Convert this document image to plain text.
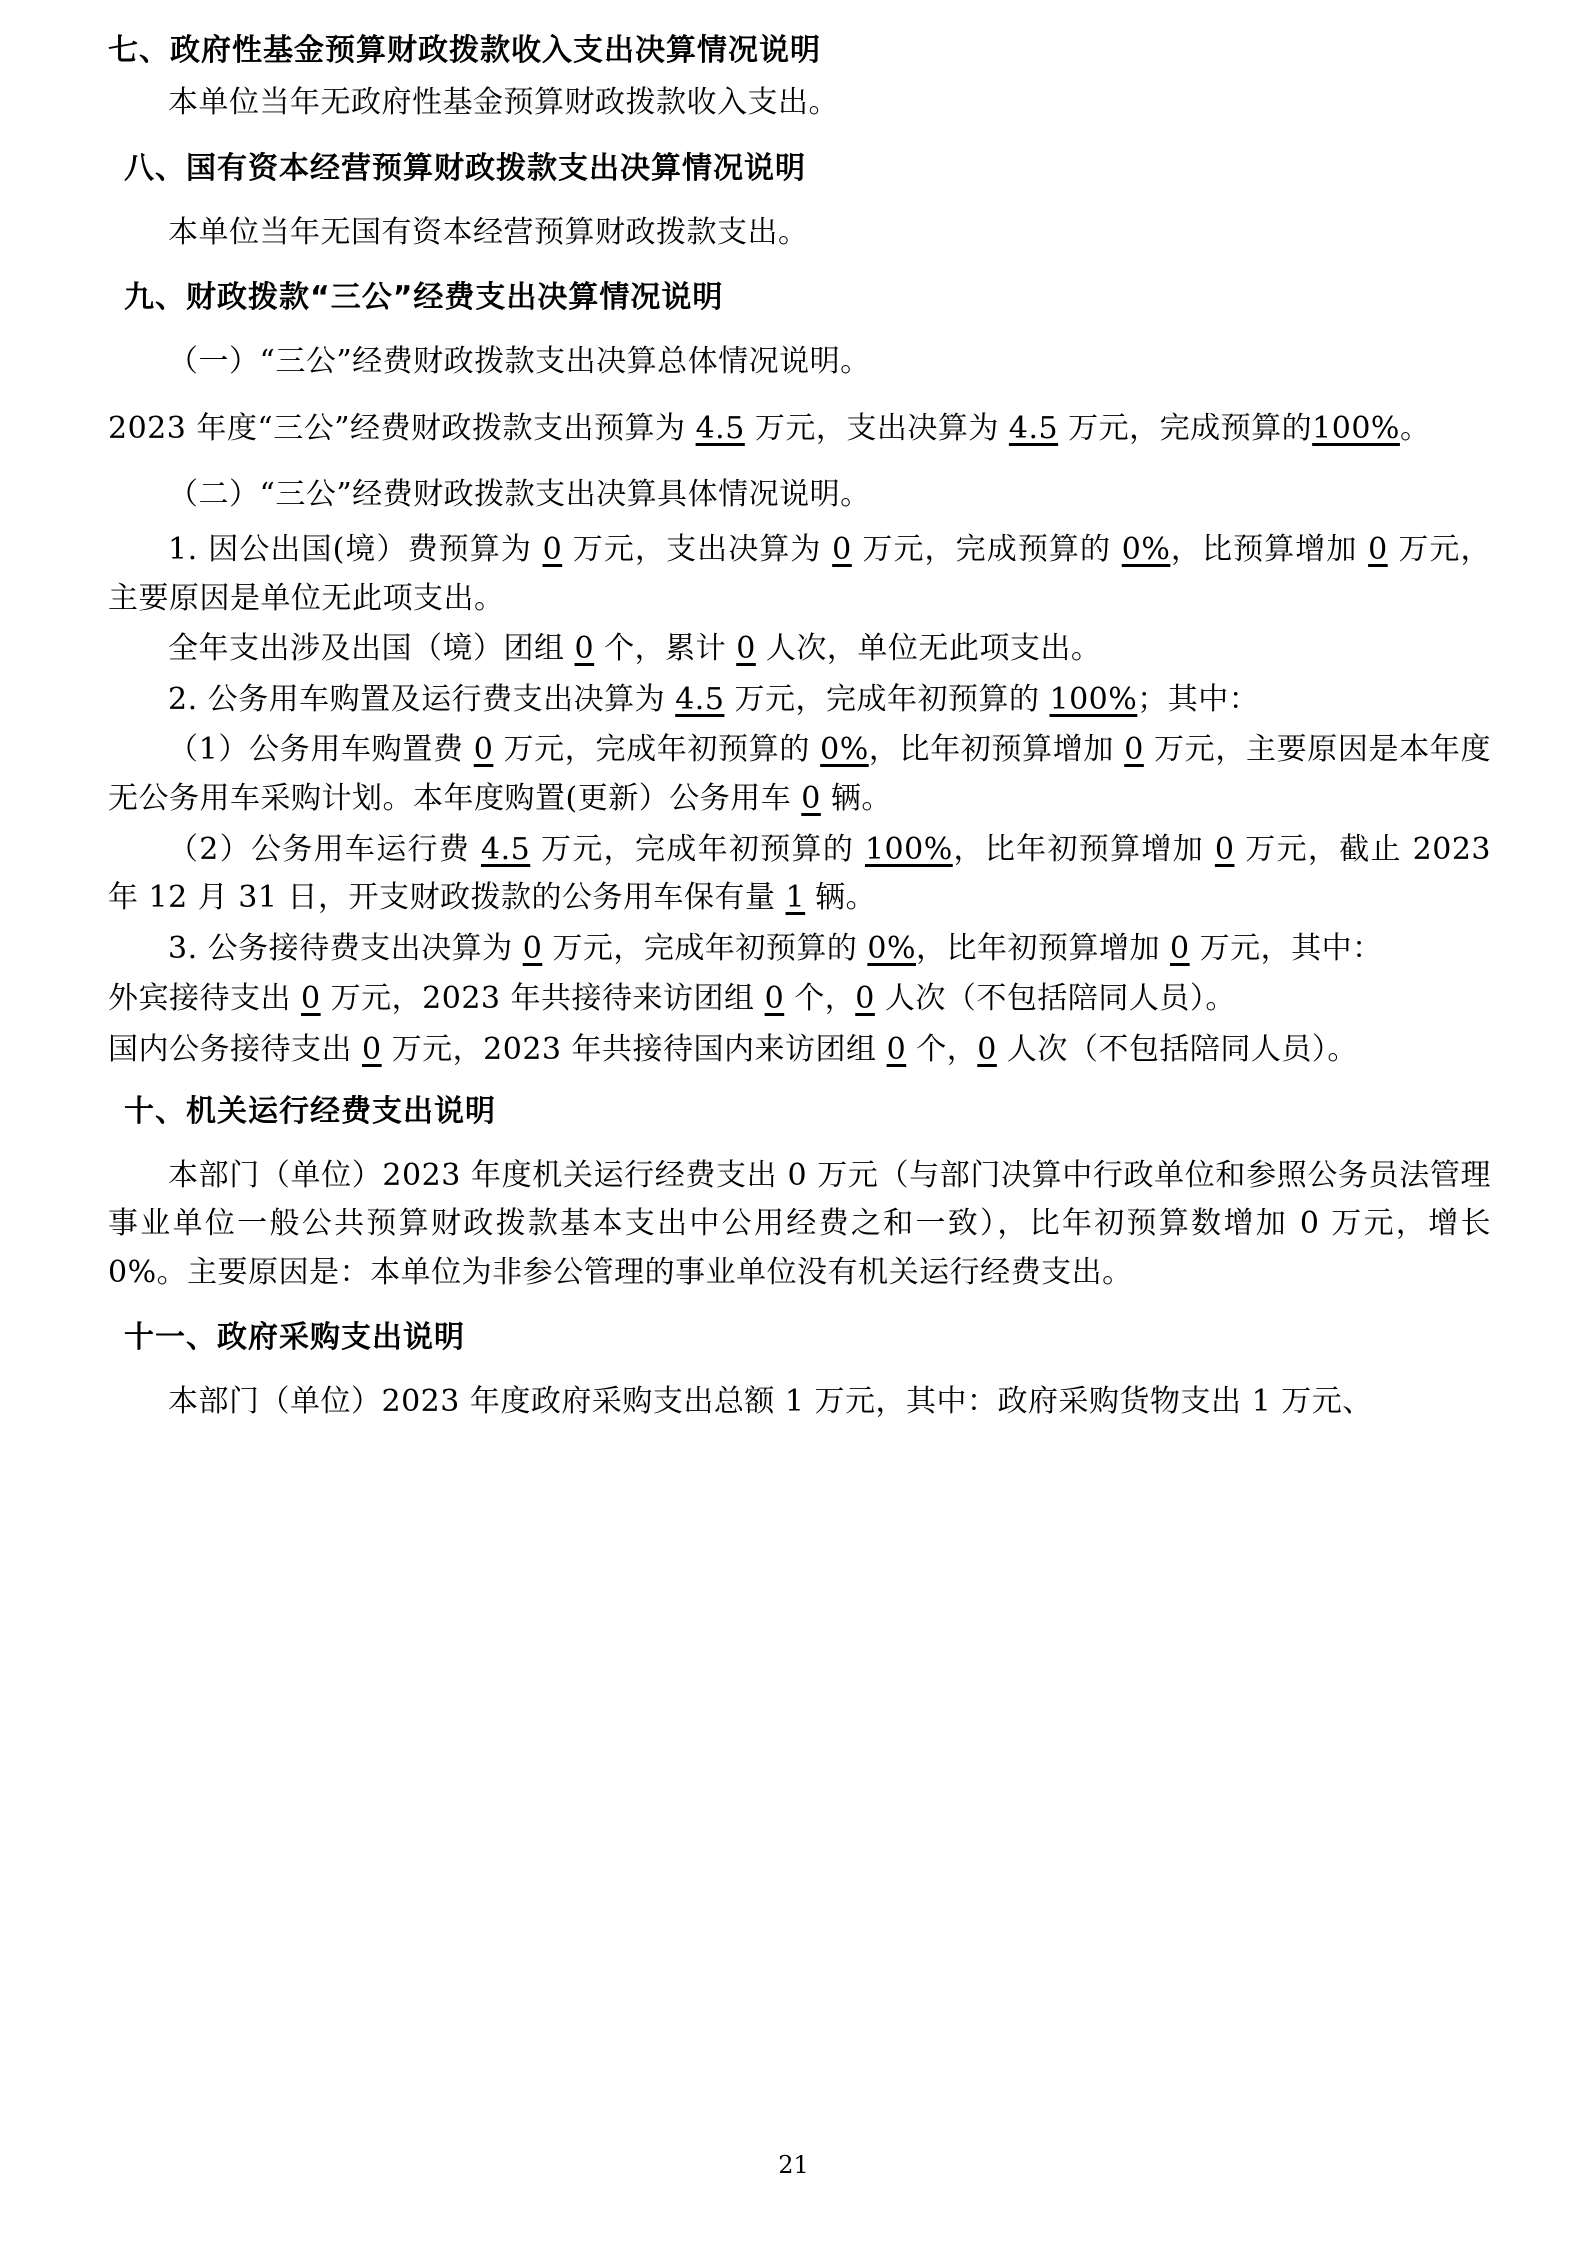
七、政府性基金预算财政拨款收入支出决算情况说明

本单位当年无政府性基金预算财政拨款收入支出。

八、国有资本经营预算财政拨款支出决算情况说明

本单位当年无国有资本经营预算财政拨款支出。

九、财政拨款“三公”经费支出决算情况说明

（一）“三公”经费财政拨款支出决算总体情况说明。

2023 年度“三公”经费财政拨款支出预算为 4.5 万元，支出决算为 4.5 万元，完成预算的100%。

（二）“三公”经费财政拨款支出决算具体情况说明。

1. 因公出国(境）费预算为 0 万元，支出决算为 0 万元，完成预算的 0%，比预算增加 0 万元，主要原因是单位无此项支出。

全年支出涉及出国（境）团组 0 个，累计 0 人次，单位无此项支出。

2. 公务用车购置及运行费支出决算为 4.5 万元，完成年初预算的 100%；其中：

（1）公务用车购置费 0 万元，完成年初预算的 0%，比年初预算增加 0 万元，主要原因是本年度无公务用车采购计划。本年度购置(更新）公务用车 0 辆。

（2）公务用车运行费 4.5 万元，完成年初预算的 100%，比年初预算增加 0 万元，截止 2023 年 12 月 31 日，开支财政拨款的公务用车保有量 1 辆。

3. 公务接待费支出决算为 0 万元，完成年初预算的 0%，比年初预算增加 0 万元，其中：

外宾接待支出 0 万元，2023 年共接待来访团组 0 个，0 人次（不包括陪同人员）。

国内公务接待支出 0 万元，2023 年共接待国内来访团组 0 个，0 人次（不包括陪同人员）。

十、机关运行经费支出说明

本部门（单位）2023 年度机关运行经费支出 0 万元（与部门决算中行政单位和参照公务员法管理事业单位一般公共预算财政拨款基本支出中公用经费之和一致），比年初预算数增加 0 万元，增长 0%。主要原因是：本单位为非参公管理的事业单位没有机关运行经费支出。

十一、政府采购支出说明

本部门（单位）2023 年度政府采购支出总额 1 万元，其中：政府采购货物支出 1 万元、

21
